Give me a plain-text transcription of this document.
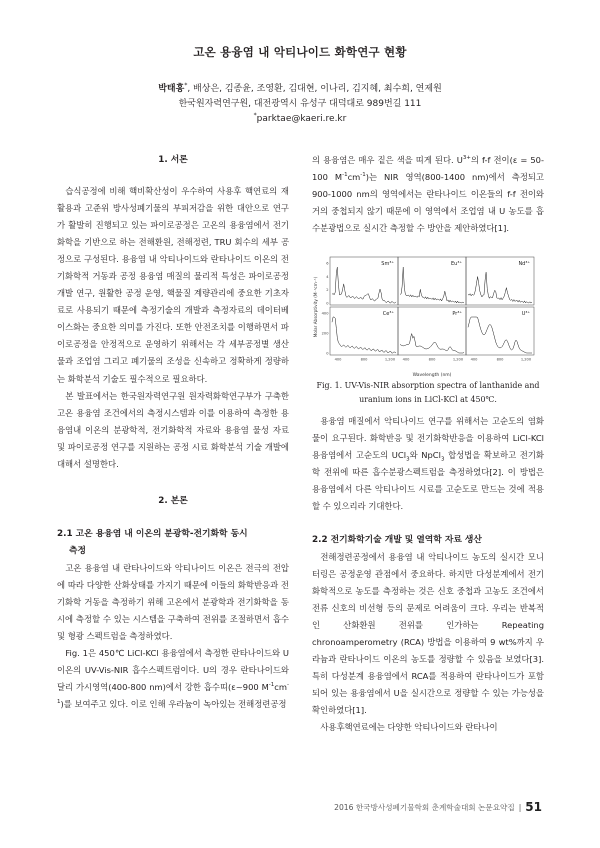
고온 용융염 내 악티나이드 화학연구 현황
박태홍*, 배상은, 김종윤, 조영환, 김대현, 이나리, 김지혜, 최수희, 연제원
한국원자력연구원, 대전광역시 유성구 대덕대로 989번길 111
*parktae@kaeri.re.kr

1. 서론

습식공정에 비해 핵비확산성이 우수하여 사용후 핵연료의 재활용과 고준위 방사성폐기물의 부피저감을 위한 대안으로 연구가 활발히 진행되고 있는 파이로공정은 고온의 용융염에서 전기화학을 기반으로 하는 전해환원, 전해정련, TRU 회수의 세부 공정으로 구성된다. 용융염 내 악티나이드와 란타나이드 이온의 전기화학적 거동과 공정 용융염 매질의 물리적 특성은 파이로공정 개발 연구, 원활한 공정 운영, 핵물질 계량관리에 중요한 기초자료로 사용되기 때문에 측정기술의 개발과 측정자료의 데이터베이스화는 중요한 의미를 가진다. 또한 안전조치를 이행하면서 파이로공정을 안정적으로 운영하기 위해서는 각 세부공정별 생산물과 조업염 그리고 폐기물의 조성을 신속하고 정확하게 정량하는 화학분석 기술도 필수적으로 필요하다.

본 발표에서는 한국원자력연구원 원자력화학연구부가 구축한 고온 용융염 조건에서의 측정시스템과 이를 이용하여 측정한 용융염내 이온의 분광학적, 전기화학적 자료와 용융염 물성 자료 및 파이로공정 연구를 지원하는 공정 시료 화학분석 기술 개발에 대해서 설명한다.

2. 본론

2.1 고온 용융염 내 이온의 분광학-전기화학 동시

측정

고온 용융염 내 란타나이드와 악티나이드 이온은 전극의 전압에 따라 다양한 산화상태를 가지기 때문에 이들의 화학반응과 전기화학 거동을 측정하기 위해 고온에서 분광학과 전기화학을 동시에 측정할 수 있는 시스템을 구축하여 전위를 조절하면서 흡수 및 형광 스펙트럼을 측정하였다.

Fig. 1은 450℃ LiCl-KCl 용융염에서 측정한 란타나이드와 U이온의 UV-Vis-NIR 흡수스펙트럼이다. U의 경우 란타나이드와 달리 가시영역(400-800 nm)에서 강한 흡수띠(ε~900 $M^{-1}cm^{-1}$)를 보여주고 있다. 이로 인해 우라늄이 녹아있는 전해정련공정

의 용융염은 매우 짙은 색을 띠게 된다. $U^{3+}$의 f-f 전이(ε = 50-100 $M^{-1}cm^{-1}$)는 NIR 영역(800-1400 nm)에서 측정되고 900-1000 nm의 영역에서는 란타나이드 이온들의 f-f 전이와 거의 중첩되지 않기 때문에 이 영역에서 조업염 내 U 농도를 흡수분광법으로 실시간 측정할 수 방안을 제안하였다[1].

Molar Absorptivity (M⁻¹cm⁻¹)
Wavelength (nm)
Sm³⁺
0
2
4
6	Eu³⁺	Nd³⁺
Ce³⁺
0
200
400
400	800	1,200
Pr³⁺
400	800	1,200
U³⁺
400	800	1,200

Fig. 1. UV-Vis-NIR absorption spectra of lanthanide and
uranium ions in LiCl-KCl at 450℃.

용융염 매질에서 악티나이드 연구를 위해서는 고순도의 염화물이 요구된다. 화학반응 및 전기화학반응을 이용하여 LiCl-KCl 용융염에서 고순도의 UCl$_3$와 NpCl$_3$ 합성법을 확보하고 전기화학 전위에 따른 흡수분광스펙트럼을 측정하였다[2]. 이 방법은 용융염에서 다른 악티나이드 시료를 고순도로 만드는 것에 적용할 수 있으리라 기대한다.

2.2 전기화학기술 개발 및 열역학 자료 생산

전해정련공정에서 용융염 내 악티나이드 농도의 실시간 모니터링은 공정운영 관점에서 중요하다. 하지만 다성분계에서 전기화학적으로 농도를 측정하는 것은 신호 중첩과 고농도 조건에서 전류 신호의 비선형 등의 문제로 어려움이 크다. 우리는 반복적인 산화환원 전위를 인가하는 Repeating chronoamperometry (RCA) 방법을 이용하여 9 wt%까지 우라늄과 란타나이드 이온의 농도를 정량할 수 있음을 보였다[3]. 특히 다성분계 용융염에서 RCA를 적용하여 란타나이드가 포함되어 있는 용융염에서 U을 실시간으로 정량할 수 있는 가능성을 확인하였다[1].

사용후핵연료에는 다양한 악티나이드와 란타나이

2016 한국방사성폐기물학회 춘계학술대회 논문요약집 | 51
